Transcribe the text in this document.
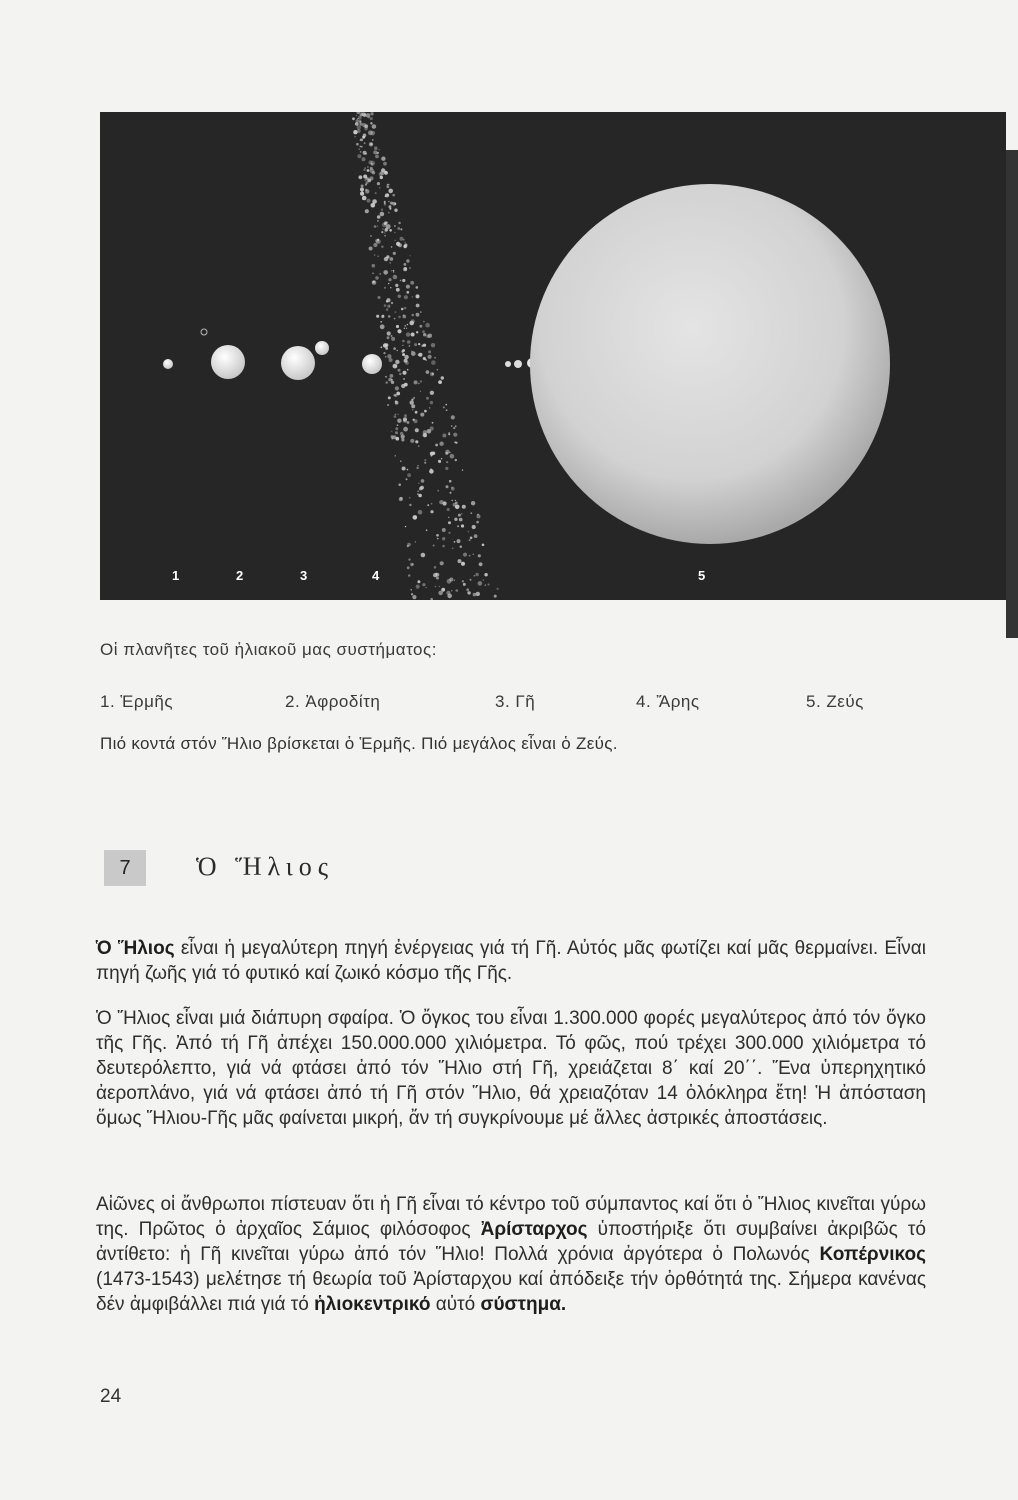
1	2	3	4	5
Οἱ πλανῆτες τοῦ ἡλιακοῦ μας συστήματος:
1. Ἑρμῆς	2. Ἀφροδίτη	3. Γῆ	4. Ἄρης	5. Ζεύς
Πιό κοντά στόν Ἥλιο βρίσκεται ὁ Ἑρμῆς. Πιό μεγάλος εἶναι ὁ Ζεύς.
7	Ὁ Ἥλιος

Ὁ Ἥλιος εἶναι ἡ μεγαλύτερη πηγή ἐνέργειας γιά τή Γῆ. Αὐτός μᾶς φωτίζει καί μᾶς θερμαίνει. Εἶναι πηγή ζωῆς γιά τό φυτικό καί ζωικό κόσμο τῆς Γῆς.

Ὁ Ἥλιος εἶναι μιά διάπυρη σφαίρα. Ὁ ὄγκος του εἶναι 1.300.000 φορές μεγαλύτερος ἀπό τόν ὄγκο τῆς Γῆς. Ἀπό τή Γῆ ἀπέχει 150.000.000 χιλιόμετρα. Τό φῶς, πού τρέχει 300.000 χιλιόμετρα τό δευτερόλεπτο, γιά νά φτάσει ἀπό τόν Ἥλιο στή Γῆ, χρειάζεται 8΄ καί 20΄΄. Ἕνα ὑπερηχητικό ἀεροπλάνο, γιά νά φτάσει ἀπό τή Γῆ στόν Ἥλιο, θά χρειαζόταν 14 ὁλόκληρα ἔτη! Ἡ ἀπόσταση ὅμως Ἥλιου-Γῆς μᾶς φαίνεται μικρή, ἄν τή συγκρίνουμε μέ ἄλλες ἀστρικές ἀποστάσεις.

Αἰῶνες οἱ ἄνθρωποι πίστευαν ὅτι ἡ Γῆ εἶναι τό κέντρο τοῦ σύμπαντος καί ὅτι ὁ Ἥλιος κινεῖται γύρω της. Πρῶτος ὁ ἀρχαῖος Σάμιος φιλόσοφος Ἀρίσταρχος ὑποστήριξε ὅτι συμβαίνει ἀκριβῶς τό ἀντίθετο: ἡ Γῆ κινεῖται γύρω ἀπό τόν Ἥλιο! Πολλά χρόνια ἀργότερα ὁ Πολωνός Κοπέρνικος (1473-1543) μελέτησε τή θεωρία τοῦ Ἀρίσταρχου καί ἀπόδειξε τήν ὀρθότητά της. Σήμερα κανένας δέν ἀμφιβάλλει πιά γιά τό ἡλιοκεντρικό αὐτό σύστημα.

24
